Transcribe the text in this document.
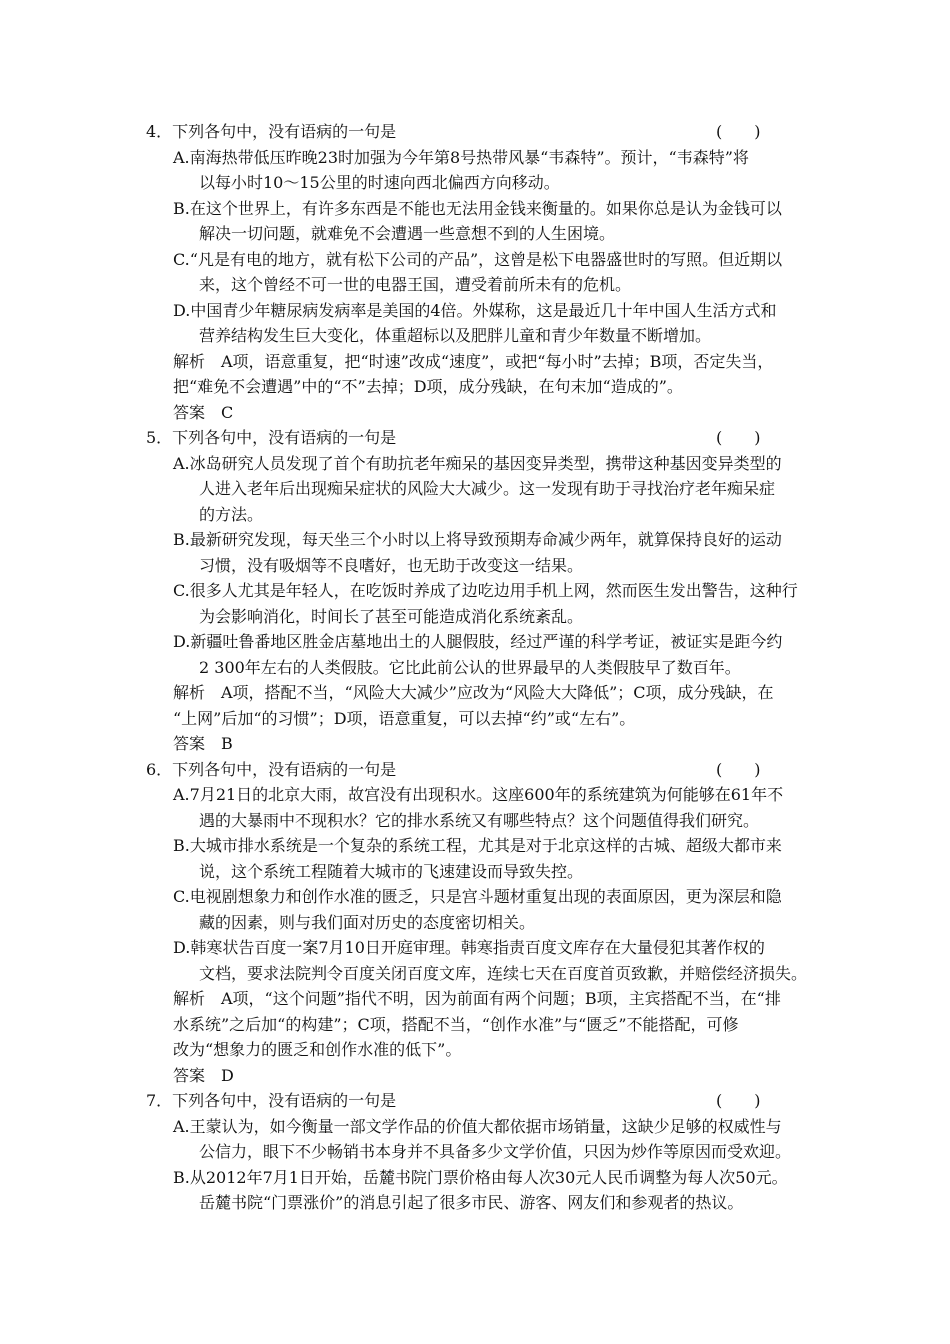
4．下列各句中，没有语病的一句是	(　　)
A.南海热带低压昨晚23时加强为今年第8号热带风暴“韦森特”。预计，“韦森特”将
以每小时10～15公里的时速向西北偏西方向移动。
B.在这个世界上，有许多东西是不能也无法用金钱来衡量的。如果你总是认为金钱可以
解决一切问题，就难免不会遭遇一些意想不到的人生困境。
C.“凡是有电的地方，就有松下公司的产品”，这曾是松下电器盛世时的写照。但近期以
来，这个曾经不可一世的电器王国，遭受着前所未有的危机。
D.中国青少年糖尿病发病率是美国的4倍。外媒称，这是最近几十年中国人生活方式和
营养结构发生巨大变化，体重超标以及肥胖儿童和青少年数量不断增加。
解析　A项，语意重复，把“时速”改成“速度”，或把“每小时”去掉；B项，否定失当，
把“难免不会遭遇”中的“不”去掉；D项，成分残缺，在句末加“造成的”。
答案　C
5．下列各句中，没有语病的一句是	(　　)
A.冰岛研究人员发现了首个有助抗老年痴呆的基因变异类型，携带这种基因变异类型的
人进入老年后出现痴呆症状的风险大大减少。这一发现有助于寻找治疗老年痴呆症
的方法。
B.最新研究发现，每天坐三个小时以上将导致预期寿命减少两年，就算保持良好的运动
习惯，没有吸烟等不良嗜好，也无助于改变这一结果。
C.很多人尤其是年轻人，在吃饭时养成了边吃边用手机上网，然而医生发出警告，这种行
为会影响消化，时间长了甚至可能造成消化系统紊乱。
D.新疆吐鲁番地区胜金店墓地出土的人腿假肢，经过严谨的科学考证，被证实是距今约
2 300年左右的人类假肢。它比此前公认的世界最早的人类假肢早了数百年。
解析　A项，搭配不当，“风险大大减少”应改为“风险大大降低”；C项，成分残缺，在
“上网”后加“的习惯”；D项，语意重复，可以去掉“约”或“左右”。
答案　B
6．下列各句中，没有语病的一句是	(　　)
A.7月21日的北京大雨，故宫没有出现积水。这座600年的系统建筑为何能够在61年不
遇的大暴雨中不现积水？它的排水系统又有哪些特点？这个问题值得我们研究。
B.大城市排水系统是一个复杂的系统工程，尤其是对于北京这样的古城、超级大都市来
说，这个系统工程随着大城市的飞速建设而导致失控。
C.电视剧想象力和创作水准的匮乏，只是宫斗题材重复出现的表面原因，更为深层和隐
藏的因素，则与我们面对历史的态度密切相关。
D.韩寒状告百度一案7月10日开庭审理。韩寒指责百度文库存在大量侵犯其著作权的
文档，要求法院判令百度关闭百度文库，连续七天在百度首页致歉，并赔偿经济损失。
解析　A项，“这个问题”指代不明，因为前面有两个问题；B项，主宾搭配不当，在“排
水系统”之后加“的构建”；C项，搭配不当，“创作水准”与“匮乏”不能搭配，可修
改为“想象力的匮乏和创作水准的低下”。
答案　D
7．下列各句中，没有语病的一句是	(　　)
A.王蒙认为，如今衡量一部文学作品的价值大都依据市场销量，这缺少足够的权威性与
公信力，眼下不少畅销书本身并不具备多少文学价值，只因为炒作等原因而受欢迎。
B.从2012年7月1日开始，岳麓书院门票价格由每人次30元人民币调整为每人次50元。
岳麓书院“门票涨价”的消息引起了很多市民、游客、网友们和参观者的热议。
